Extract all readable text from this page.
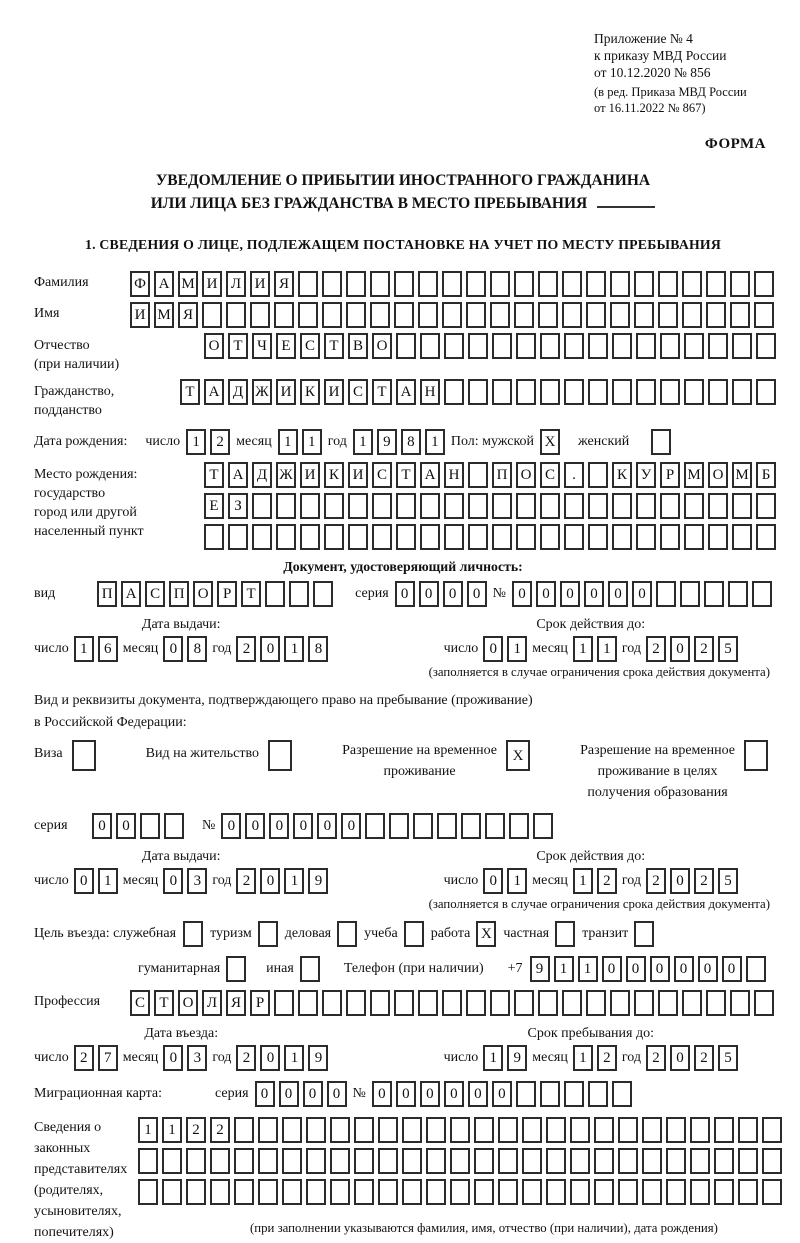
Приложение № 4
к приказу МВД России
от 10.12.2020 № 856
(в ред. Приказа МВД России
от 16.11.2022 № 867)
ФОРМА
УВЕДОМЛЕНИЕ О ПРИБЫТИИ ИНОСТРАННОГО ГРАЖДАНИНА
ИЛИ ЛИЦА БЕЗ ГРАЖДАНСТВА В МЕСТО ПРЕБЫВАНИЯ
1. СВЕДЕНИЯ О ЛИЦЕ, ПОДЛЕЖАЩЕМ ПОСТАНОВКЕ НА УЧЕТ ПО МЕСТУ ПРЕБЫВАНИЯ
Фамилия	Ф А М И Л И Я
Имя	И М Я
Отчество
(при наличии)
О Т Ч Е С Т В О
Гражданство,
подданство
Т А Д Ж И К И С Т А Н
Дата рождения: число 1	2 месяц 1	1 год 1	9	8	1 Пол: мужской X	женский
Место рождения:
государство
город или другой
населенный пункт
Т А Д Ж И К И С Т А Н	П О С	.	К У Р М О М Б
Е	З
Документ, удостоверяющий личность:
вид	П А С П О Р	Т	серия 0	0	0	0 № 0	0	0	0	0	0
Дата выдачи:
число 1	6 месяц 0	8 год 2	0	1	8
Срок действия до:
число 0	1 месяц 1	1 год 2	0	2	5
(заполняется в случае ограничения срока действия документа)
Вид и реквизиты документа, подтверждающего право на пребывание (проживание)
в Российской Федерации:
Виза	Вид на жительство	Разрешение на временное
проживание
X	Разрешение на временное
проживание в целях
получения образования
серия	0	0	№ 0	0	0	0	0	0
Дата выдачи:
число 0	1 месяц 0	3 год 2	0	1	9
Срок действия до:
число 0	1 месяц 1	2 год 2	0	2	5
(заполняется в случае ограничения срока действия документа)
Цель въезда: служебная туризм деловая учеба работа X частная транзит
гуманитарная	иная	Телефон (при наличии) +7 9	1	1	0	0	0	0	0	0
Профессия	С Т О Л Я Р
Дата въезда:
число 2	7 месяц 0	3 год 2	0	1	9
Срок пребывания до:
число 1	9 месяц 1	2 год 2	0	2	5
Миграционная карта:	серия 0	0	0	0 № 0	0	0	0	0	0
Сведения о
законных
представителях
(родителях,
усыновителях,
попечителях)
1	1	2	2
(при заполнении указываются фамилия, имя, отчество (при наличии), дата рождения)
